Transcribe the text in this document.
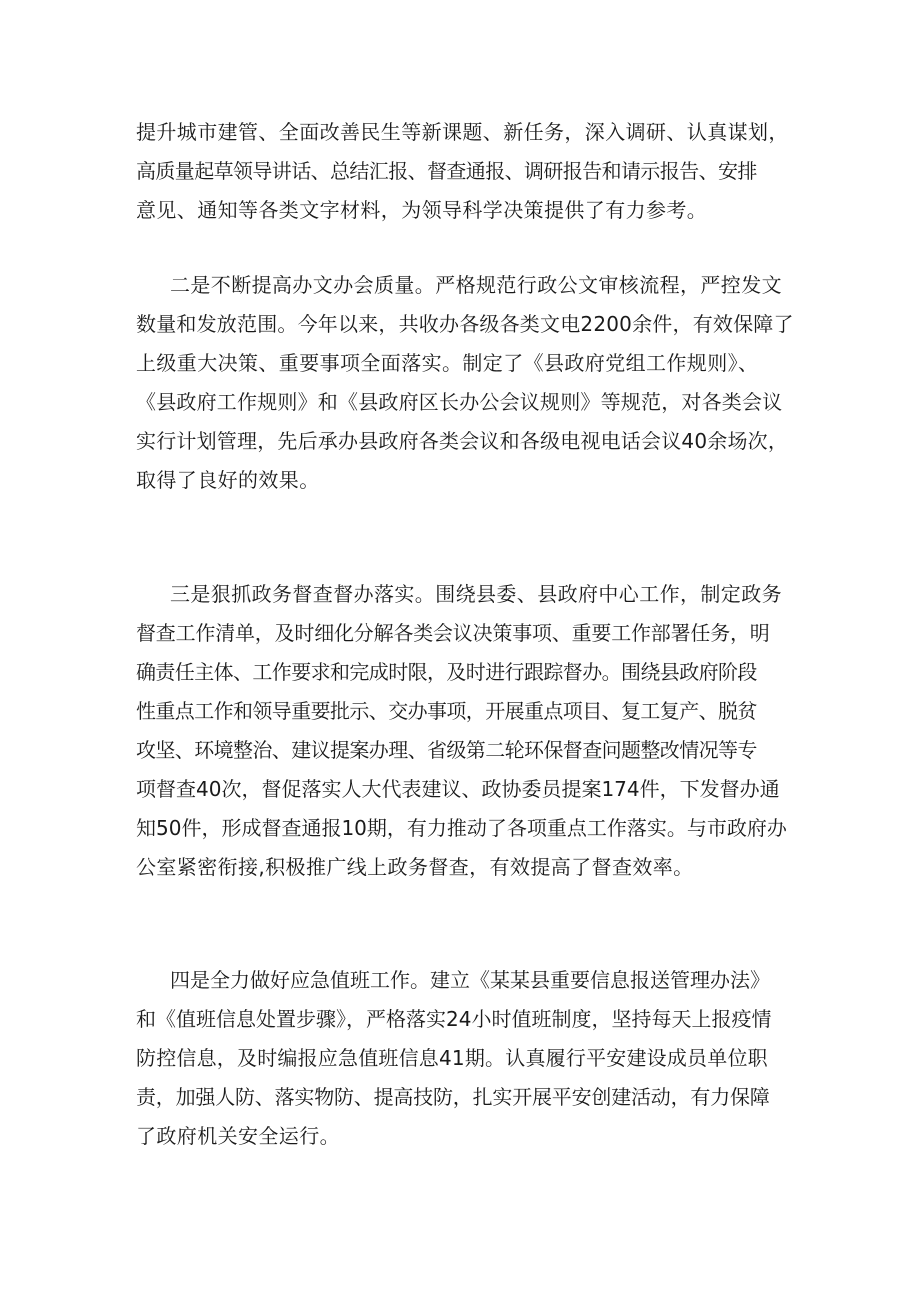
提升城市建管、全面改善民生等新课题、新任务，深入调研、认真谋划，
高质量起草领导讲话、总结汇报、督查通报、调研报告和请示报告、安排
意见、通知等各类文字材料，为领导科学决策提供了有力参考。
二是不断提高办文办会质量。严格规范行政公文审核流程，严控发文
数量和发放范围。今年以来，共收办各级各类文电2200余件，有效保障了
上级重大决策、重要事项全面落实。制定了《县政府党组工作规则》、
《县政府工作规则》和《县政府区长办公会议规则》等规范，对各类会议
实行计划管理，先后承办县政府各类会议和各级电视电话会议40余场次，
取得了良好的效果。
三是狠抓政务督查督办落实。围绕县委、县政府中心工作，制定政务
督查工作清单，及时细化分解各类会议决策事项、重要工作部署任务，明
确责任主体、工作要求和完成时限，及时进行跟踪督办。围绕县政府阶段
性重点工作和领导重要批示、交办事项，开展重点项目、复工复产、脱贫
攻坚、环境整治、建议提案办理、省级第二轮环保督查问题整改情况等专
项督查40次，督促落实人大代表建议、政协委员提案174件，下发督办通
知50件，形成督查通报10期，有力推动了各项重点工作落实。与市政府办
公室紧密衔接,积极推广线上政务督查，有效提高了督查效率。
四是全力做好应急值班工作。建立《某某县重要信息报送管理办法》
和《值班信息处置步骤》，严格落实24小时值班制度，坚持每天上报疫情
防控信息，及时编报应急值班信息41期。认真履行平安建设成员单位职
责，加强人防、落实物防、提高技防，扎实开展平安创建活动，有力保障
了政府机关安全运行。
